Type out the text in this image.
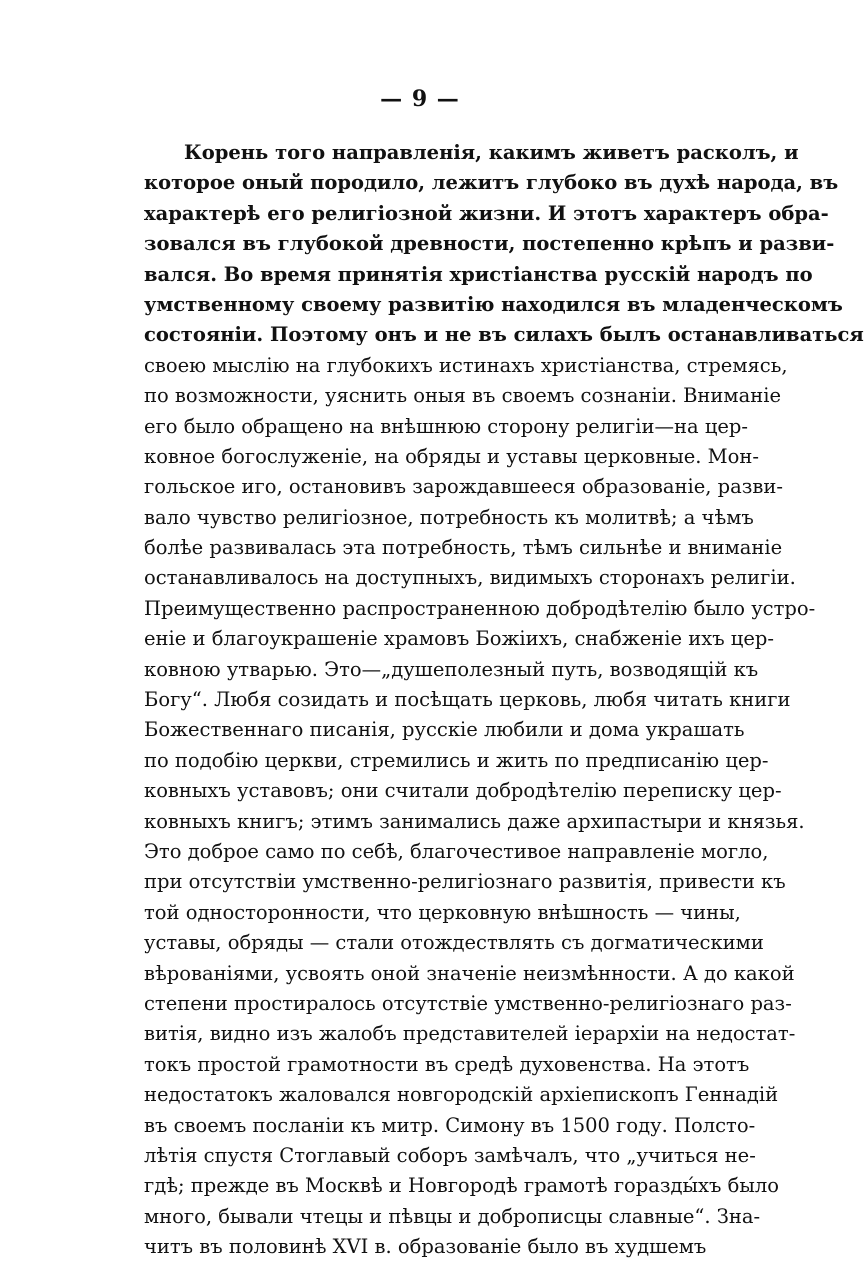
— 9 —
Корень того направленія, какимъ живетъ расколъ, и
которое оный породило, лежитъ глубоко въ духѣ народа, въ
характерѣ его религіозной жизни. И этотъ характеръ обра-
зовался въ глубокой древности, постепенно крѣпъ и разви-
вался. Во время принятія христіанства русскій народъ по
умственному своему развитію находился въ младенческомъ
состояніи. Поэтому онъ и не въ силахъ былъ останавливаться
своею мыслію на глубокихъ истинахъ христіанства, стремясь,
по возможности, уяснить оныя въ своемъ сознаніи. Вниманіе
его было обращено на внѣшнюю сторону религіи—на цер-
ковное богослуженіе, на обряды и уставы церковные. Мон-
гольское иго, остановивъ зарождавшееся образованіе, разви-
вало чувство религіозное, потребность къ молитвѣ; а чѣмъ
болѣе развивалась эта потребность, тѣмъ сильнѣе и вниманіе
останавливалось на доступныхъ, видимыхъ сторонахъ религіи.
Преимущественно распространенною добродѣтелію было устро-
еніе и благоукрашеніе храмовъ Божіихъ, снабженіе ихъ цер-
ковною утварью. Это—„душеполезный путь, возводящій къ
Богу“. Любя созидать и посѣщать церковь, любя читать книги
Божественнаго писанія, русскіе любили и дома украшать
по подобію церкви, стремились и жить по предписанію цер-
ковныхъ уставовъ; они считали добродѣтелію переписку цер-
ковныхъ книгъ; этимъ занимались даже архипастыри и князья.
Это доброе само по себѣ, благочестивое направленіе могло,
при отсутствіи умственно-религіознаго развитія, привести къ
той односторонности, что церковную внѣшность — чины,
уставы, обряды — стали отождествлять съ догматическими
вѣрованіями, усвоять оной значеніе неизмѣнности. А до какой
степени простиралось отсутствіе умственно-религіознаго раз-
витія, видно изъ жалобъ представителей іерархіи на недостат-
токъ простой грамотности въ средѣ духовенства. На этотъ
недостатокъ жаловался новгородскій архіепископъ Геннадій
въ своемъ посланіи къ митр. Симону въ 1500 году. Полсто-
лѣтія спустя Стоглавый соборъ замѣчалъ, что „учиться не-
гдѣ; прежде въ Москвѣ и Новгородѣ грамотѣ горазды́хъ было
много, бывали чтецы и пѣвцы и доброписцы славные“. Зна-
читъ въ половинѣ XVI в. образованіе было въ худшемъ
